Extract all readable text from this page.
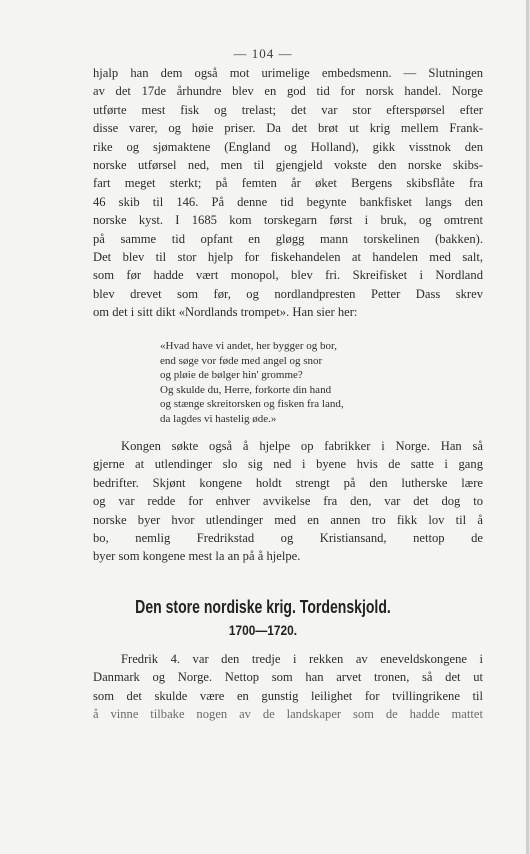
— 104 —
hjalp han dem også mot urimelige embedsmenn. — Slutningen
av det 17de århundre blev en god tid for norsk handel. Norge
utførte mest fisk og trelast; det var stor efterspørsel efter
disse varer, og høie priser. Da det brøt ut krig mellem Frank-
rike og sjømaktene (England og Holland), gikk visstnok den
norske utførsel ned, men til gjengjeld vokste den norske skibs-
fart meget sterkt; på femten år øket Bergens skibsflåte fra
46 skib til 146. På denne tid begynte bankfisket langs den
norske kyst. I 1685 kom torskegarn først i bruk, og omtrent
på samme tid opfant en gløgg mann torskelinen (bakken).
Det blev til stor hjelp for fiskehandelen at handelen med salt,
som før hadde vært monopol, blev fri. Skreifisket i Nordland
blev drevet som før, og nordlandpresten Petter Dass skrev
om det i sitt dikt «Nordlands trompet». Han sier her:
«Hvad have vi andet, her bygger og bor,
end søge vor føde med angel og snor
og pløie de bølger hin' gromme?
Og skulde du, Herre, forkorte din hand
og stænge skreitorsken og fisken fra land,
da lagdes vi hastelig øde.»
Kongen søkte også å hjelpe op fabrikker i Norge. Han så
gjerne at utlendinger slo sig ned i byene hvis de satte i gang
bedrifter. Skjønt kongene holdt strengt på den lutherske lære
og var redde for enhver avvikelse fra den, var det dog to
norske byer hvor utlendinger med en annen tro fikk lov til å
bo, nemlig Fredrikstad og Kristiansand, nettop de
byer som kongene mest la an på å hjelpe.
Den store nordiske krig. Tordenskjold.
1700—1720.
Fredrik 4. var den tredje i rekken av eneveldskongene i
Danmark og Norge. Nettop som han arvet tronen, så det ut
som det skulde være en gunstig leilighet for tvillingrikene til
å vinne tilbake nogen av de landskaper som de hadde mattet
